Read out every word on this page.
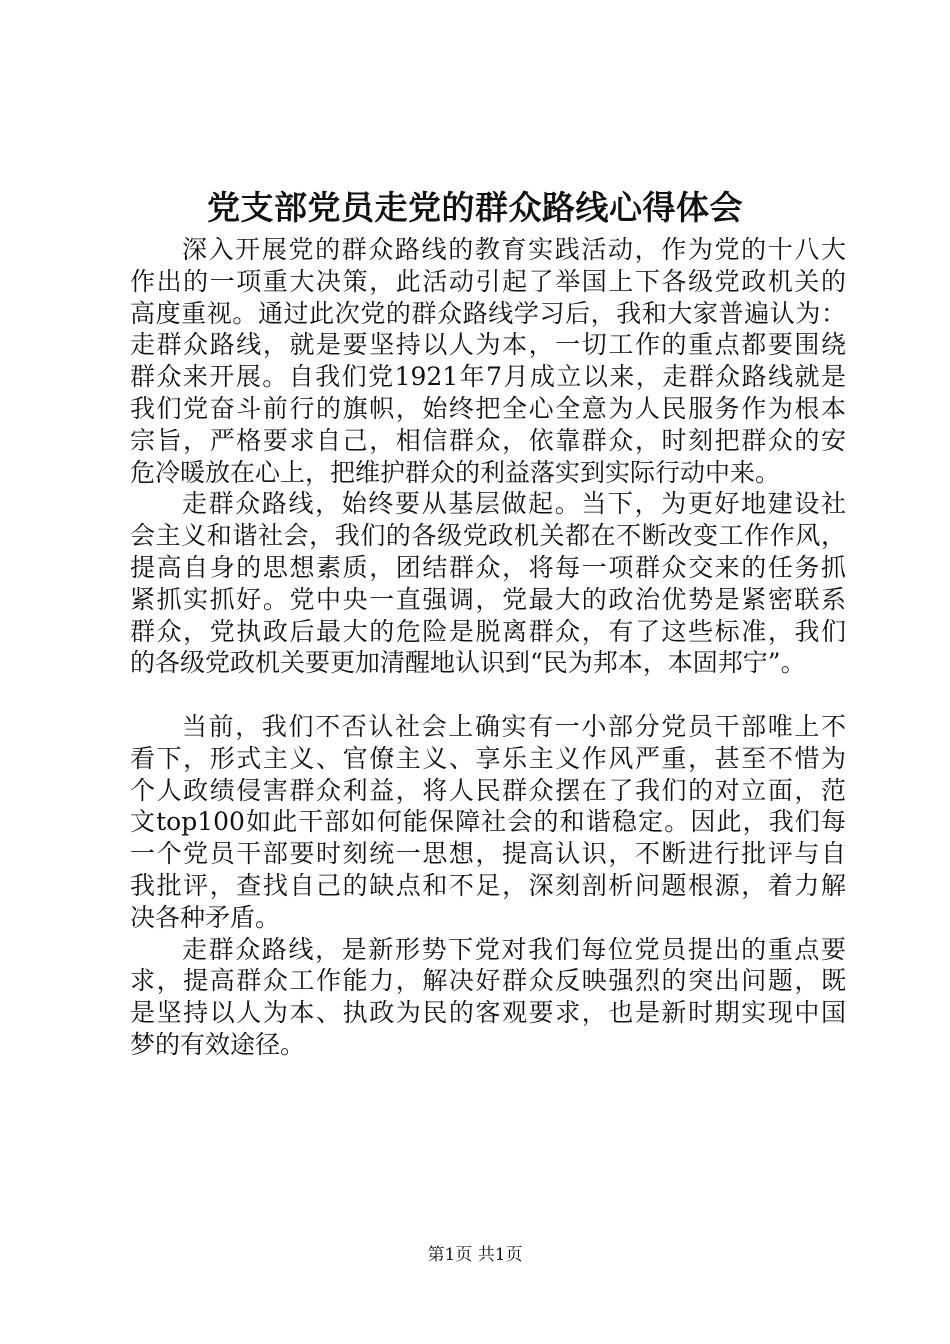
党支部党员走党的群众路线心得体会
深入开展党的群众路线的教育实践活动，作为党的十八大
作出的一项重大决策，此活动引起了举国上下各级党政机关的
高度重视。通过此次党的群众路线学习后，我和大家普遍认为：
走群众路线，就是要坚持以人为本，一切工作的重点都要围绕
群众来开展。自我们党1921年7月成立以来，走群众路线就是
我们党奋斗前行的旗帜，始终把全心全意为人民服务作为根本
宗旨，严格要求自己，相信群众，依靠群众，时刻把群众的安
危冷暖放在心上，把维护群众的利益落实到实际行动中来。
走群众路线，始终要从基层做起。当下，为更好地建设社
会主义和谐社会，我们的各级党政机关都在不断改变工作作风，
提高自身的思想素质，团结群众，将每一项群众交来的任务抓
紧抓实抓好。党中央一直强调，党最大的政治优势是紧密联系
群众，党执政后最大的危险是脱离群众，有了这些标准，我们
的各级党政机关要更加清醒地认识到“民为邦本，本固邦宁”。
当前，我们不否认社会上确实有一小部分党员干部唯上不
看下，形式主义、官僚主义、享乐主义作风严重，甚至不惜为
个人政绩侵害群众利益，将人民群众摆在了我们的对立面，范
文top100如此干部如何能保障社会的和谐稳定。因此，我们每
一个党员干部要时刻统一思想，提高认识，不断进行批评与自
我批评，查找自己的缺点和不足，深刻剖析问题根源，着力解
决各种矛盾。
走群众路线，是新形势下党对我们每位党员提出的重点要
求，提高群众工作能力，解决好群众反映强烈的突出问题，既
是坚持以人为本、执政为民的客观要求，也是新时期实现中国
梦的有效途径。
第1页 共1页
